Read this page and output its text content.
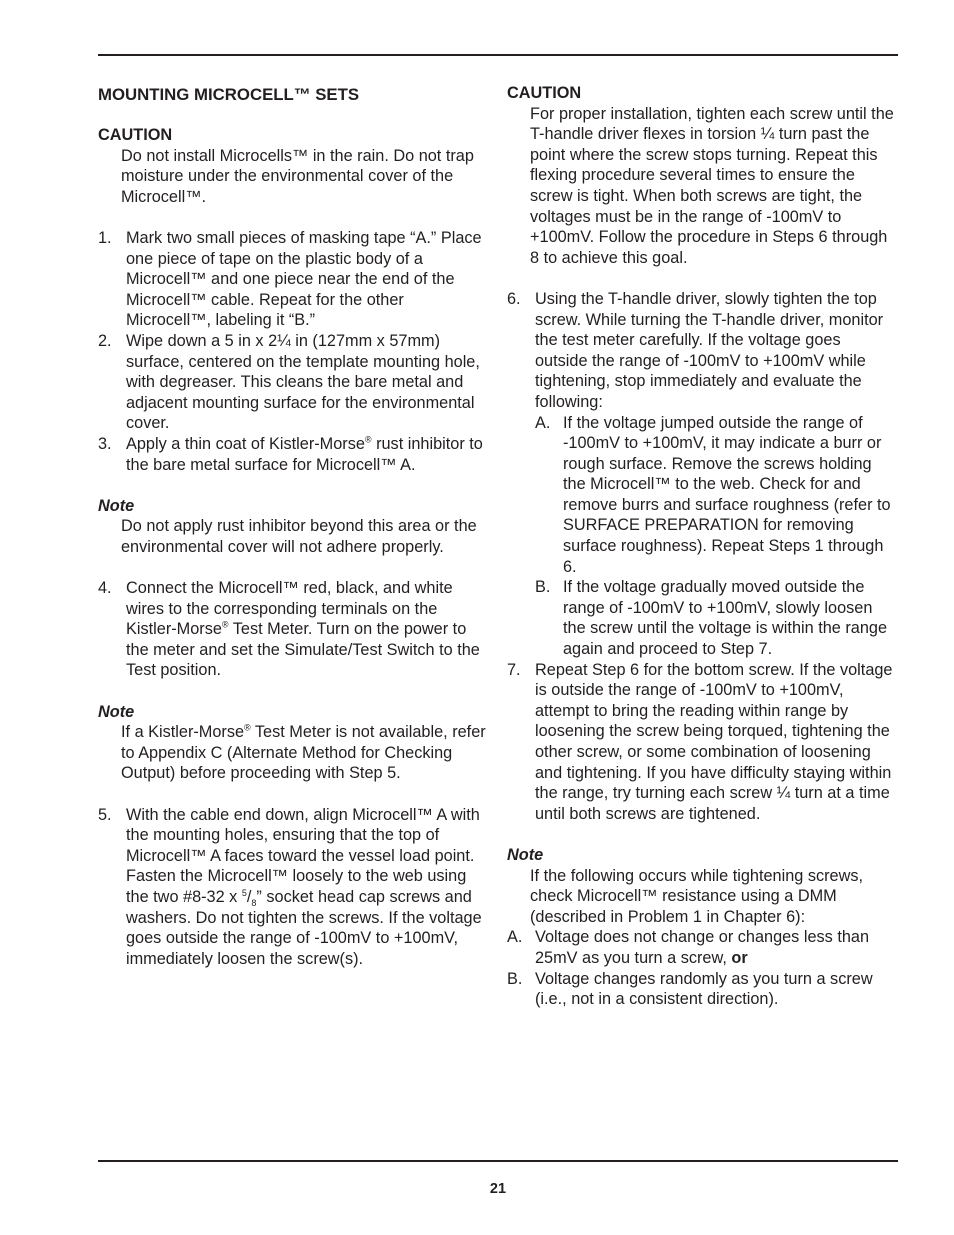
MOUNTING MICROCELL™ SETS

CAUTION

Do not install Microcells™ in the rain. Do not trap moisture under the environmental cover of the Microcell™.

1. Mark two small pieces of masking tape “A.” Place one piece of tape on the plastic body of a Microcell™ and one piece near the end of the Microcell™ cable. Repeat for the other Microcell™, labeling it “B.”
2. Wipe down a 5 in x 2¼ in (127mm x 57mm) surface, centered on the template mounting hole, with degreaser. This cleans the bare metal and adjacent mounting surface for the environmental cover.
3. Apply a thin coat of Kistler-Morse® rust inhibitor to the bare metal surface for Microcell™ A.

Note

Do not apply rust inhibitor beyond this area or the environmental cover will not adhere properly.

4. Connect the Microcell™ red, black, and white wires to the corresponding terminals on the Kistler-Morse® Test Meter. Turn on the power to the meter and set the Simulate/Test Switch to the Test position.

Note

If a Kistler-Morse® Test Meter is not available, refer to Appendix C (Alternate Method for Checking Output) before proceeding with Step 5.

5. With the cable end down, align Microcell™ A with the mounting holes, ensuring that the top of Microcell™ A faces toward the vessel load point. Fasten the Microcell™ loosely to the web using the two #8-32 x $^5/_8$” socket head cap screws and washers. Do not tighten the screws. If the voltage goes outside the range of -100mV to +100mV, immediately loosen the screw(s).

CAUTION

For proper installation, tighten each screw until the T-handle driver flexes in torsion ¼ turn past the point where the screw stops turning. Repeat this flexing procedure several times to ensure the screw is tight. When both screws are tight, the voltages must be in the range of -100mV to +100mV. Follow the procedure in Steps 6 through 8 to achieve this goal.

6. Using the T-handle driver, slowly tighten the top screw. While turning the T-handle driver, monitor the test meter carefully. If the voltage goes outside the range of -100mV to +100mV while tightening, stop immediately and evaluate the following:
A. If the voltage jumped outside the range of -100mV to +100mV, it may indicate a burr or rough surface. Remove the screws holding the Microcell™ to the web. Check for and remove burrs and surface roughness (refer to SURFACE PREPARATION for removing surface roughness). Repeat Steps 1 through 6.
B. If the voltage gradually moved outside the range of -100mV to +100mV, slowly loosen the screw until the voltage is within the range again and proceed to Step 7.
7. Repeat Step 6 for the bottom screw. If the voltage is outside the range of -100mV to +100mV, attempt to bring the reading within range by loosening the screw being torqued, tightening the other screw, or some combination of loosening and tightening. If you have difficulty staying within the range, try turning each screw ¼ turn at a time until both screws are tightened.

Note

If the following occurs while tightening screws, check Microcell™ resistance using a DMM (described in Problem 1 in Chapter 6):

A. Voltage does not change or changes less than 25mV as you turn a screw, or
B. Voltage changes randomly as you turn a screw (i.e., not in a consistent direction).
21
